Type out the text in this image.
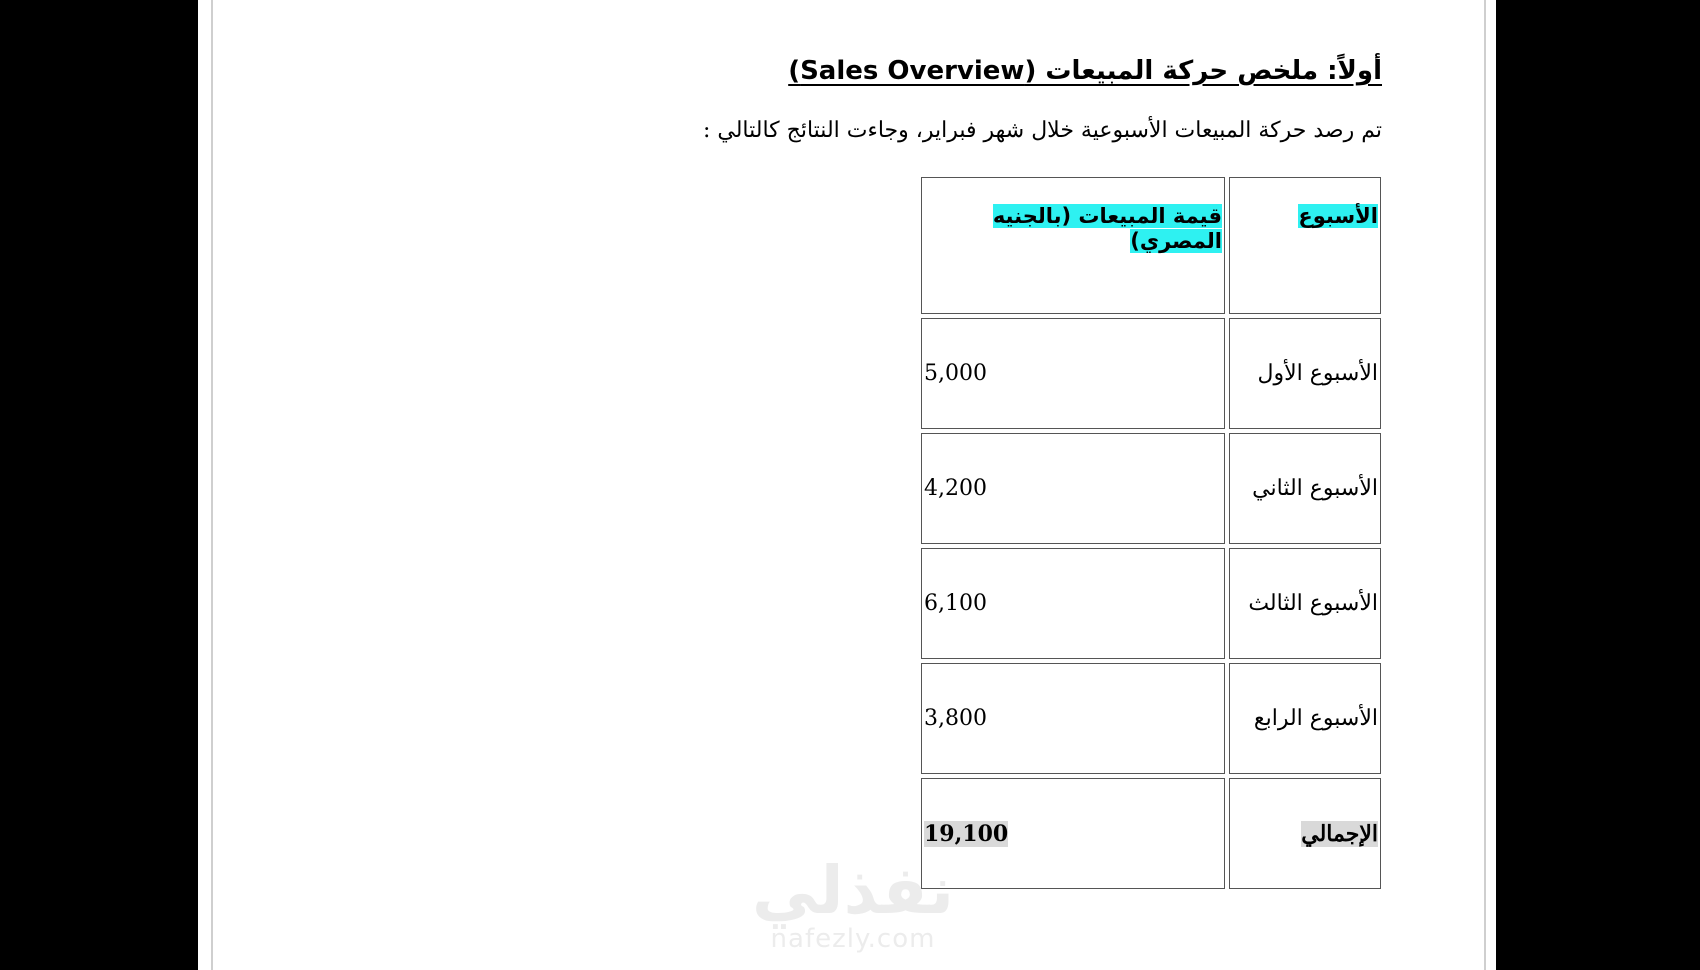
أولاً: ملخص حركة المبيعات (Sales Overview)
تم رصد حركة المبيعات الأسبوعية خلال شهر فبراير، وجاءت النتائج كالتالي :
الأسبوع	قيمة المبيعات (بالجنيه المصري)
الأسبوع الأول	5,000
الأسبوع الثاني	4,200
الأسبوع الثالث	6,100
الأسبوع الرابع	3,800
الإجمالي	19,100
نفذلي
nafezly.com
